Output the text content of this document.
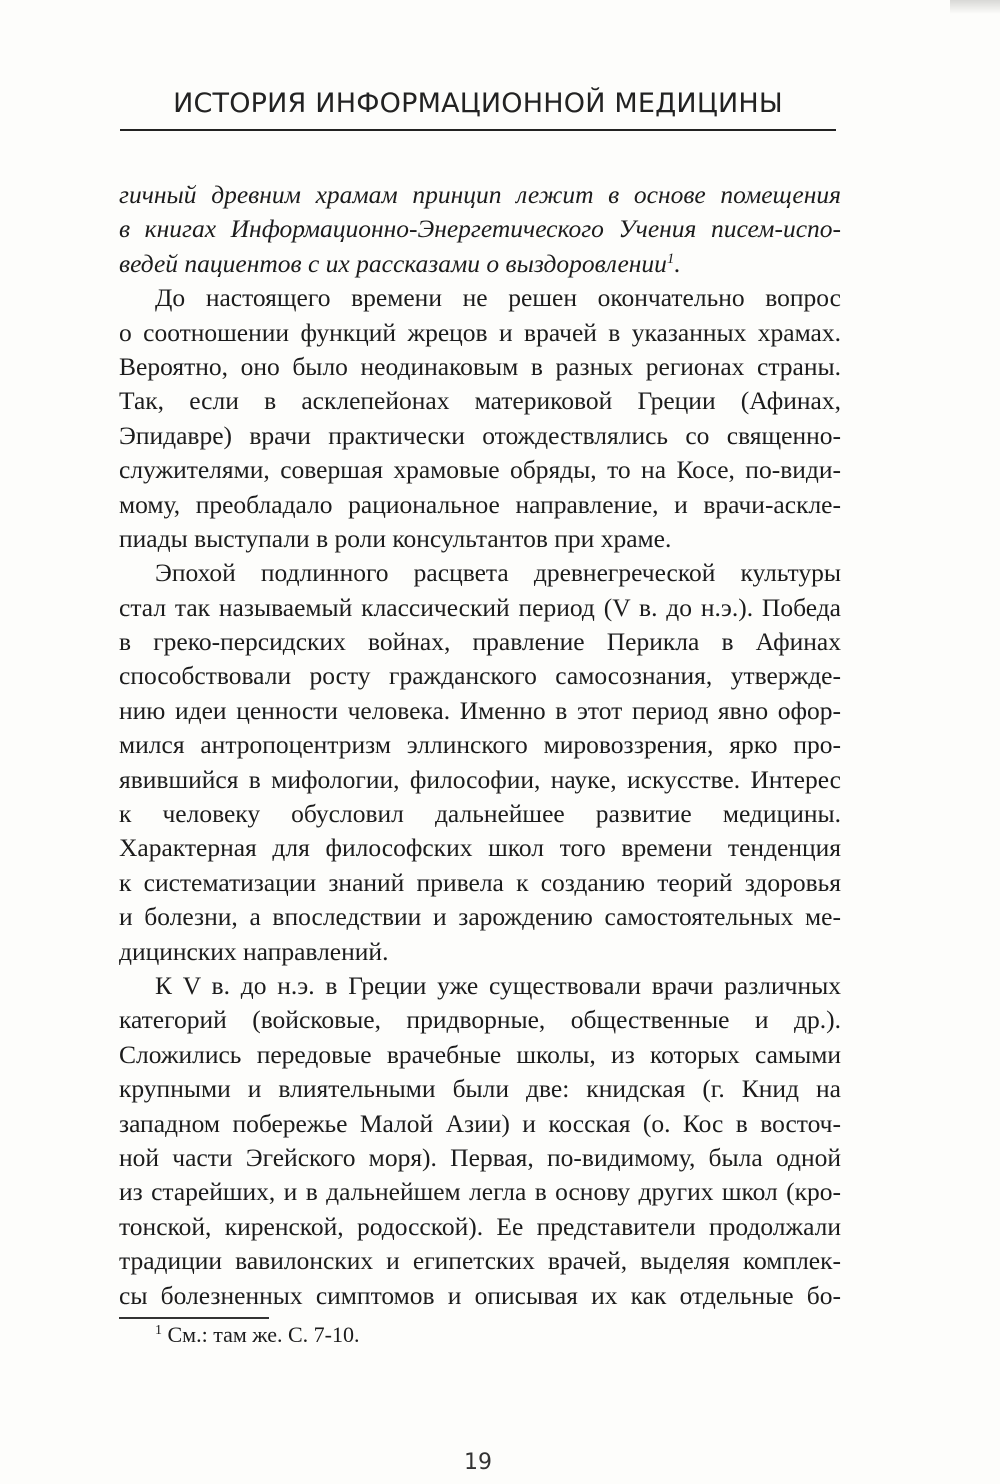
ИСТОРИЯ ИНФОРМАЦИОННОЙ МЕДИЦИНЫ
гичный древним храмам принцип лежит в основе помещения
в книгах Информационно-Энергетического Учения писем-испо-
ведей пациентов с их рассказами о выздоровлении$^1$.
До настоящего времени не решен окончательно вопрос
о соотношении функций жрецов и врачей в указанных храмах.
Вероятно, оно было неодинаковым в разных регионах страны.
Так, если в асклепейонах материковой Греции (Афинах,
Эпидавре) врачи практически отождествлялись со священно-
служителями, совершая храмовые обряды, то на Косе, по-види-
мому, преобладало рациональное направление, и врачи-аскле-
пиады выступали в роли консультантов при храме.
Эпохой подлинного расцвета древнегреческой культуры
стал так называемый классический период (V в. до н.э.). Победа
в греко-персидских войнах, правление Перикла в Афинах
способствовали росту гражданского самосознания, утвержде-
нию идеи ценности человека. Именно в этот период явно офор-
мился антропоцентризм эллинского мировоззрения, ярко про-
явившийся в мифологии, философии, науке, искусстве. Интерес
к человеку обусловил дальнейшее развитие медицины.
Характерная для философских школ того времени тенденция
к систематизации знаний привела к созданию теорий здоровья
и болезни, а впоследствии и зарождению самостоятельных ме-
дицинских направлений.
К V в. до н.э. в Греции уже существовали врачи различных
категорий (войсковые, придворные, общественные и др.).
Сложились передовые врачебные школы, из которых самыми
крупными и влиятельными были две: книдская (г. Книд на
западном побережье Малой Азии) и косская (о. Кос в восточ-
ной части Эгейского моря). Первая, по-видимому, была одной
из старейших, и в дальнейшем легла в основу других школ (кро-
тонской, киренской, родосской). Ее представители продолжали
традиции вавилонских и египетских врачей, выделяя комплек-
сы болезненных симптомов и описывая их как отдельные бо-
$^1$ См.: там же. С. 7-10.
19
